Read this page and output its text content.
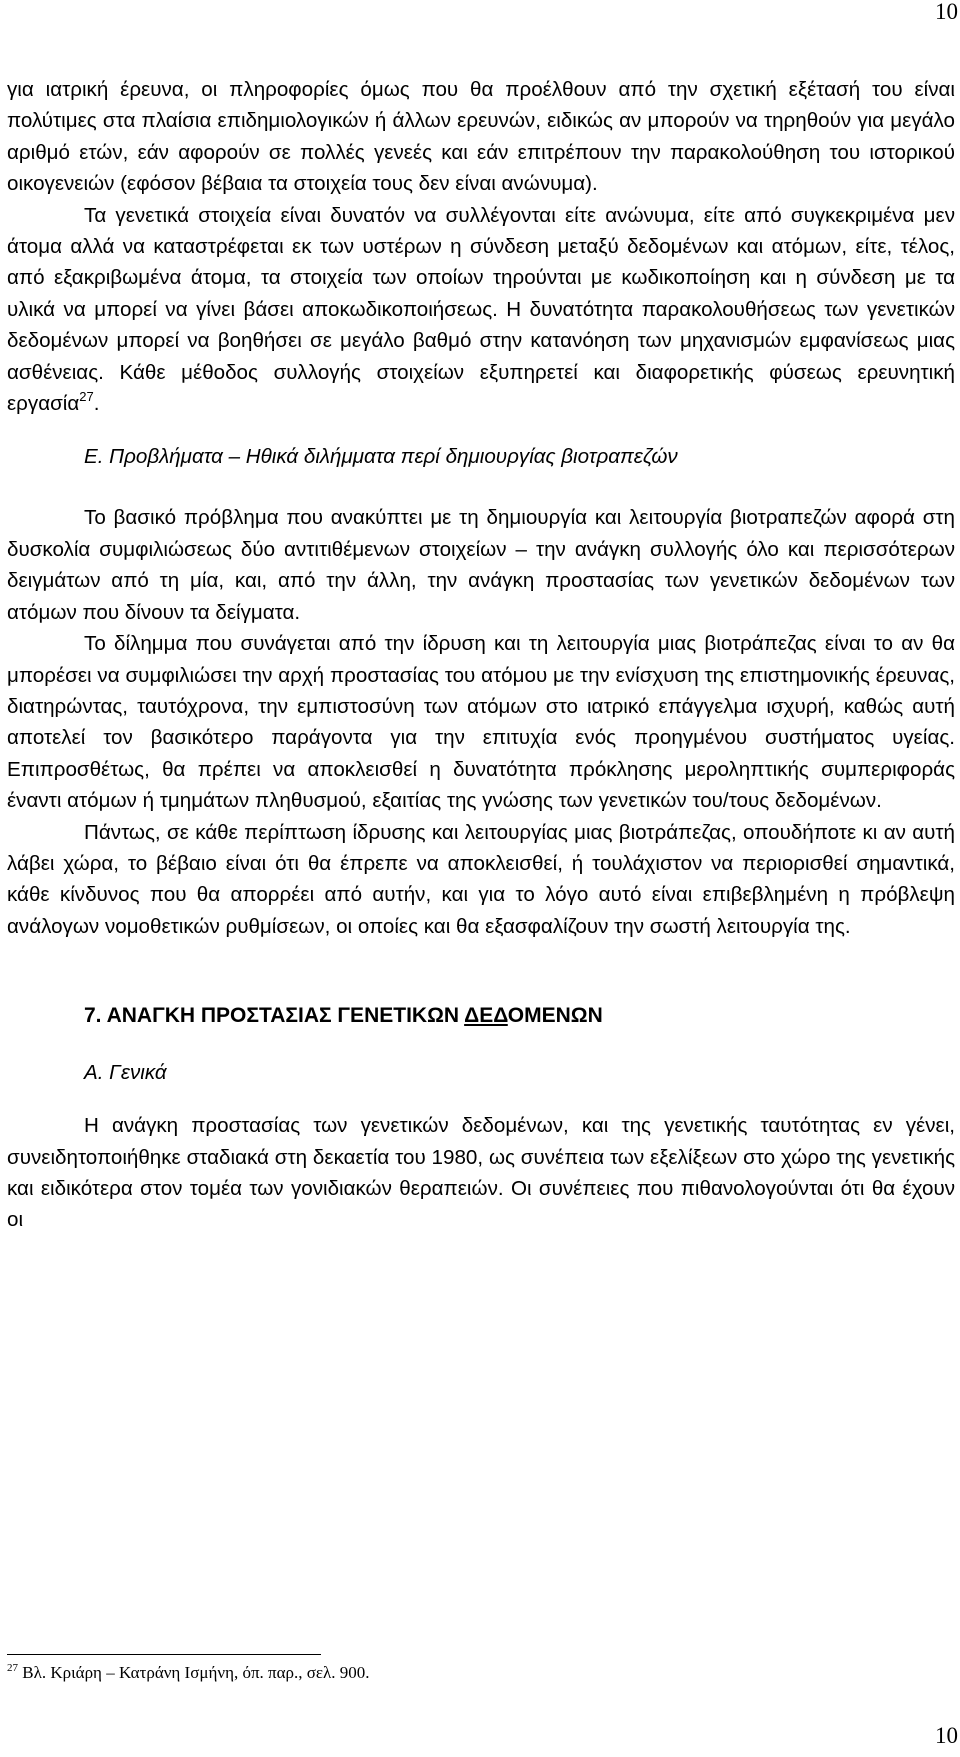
10

για ιατρική έρευνα, οι πληροφορίες όμως που θα προέλθουν από την σχετική εξέτασή του είναι πολύτιμες στα πλαίσια επιδημιολογικών ή άλλων ερευνών, ειδικώς αν μπορούν να τηρηθούν για μεγάλο αριθμό ετών, εάν αφορούν σε πολλές γενεές και εάν επιτρέπουν την παρακολούθηση του ιστορικού οικογενειών (εφόσον βέβαια τα στοιχεία τους δεν είναι ανώνυμα).

Τα γενετικά στοιχεία είναι δυνατόν να συλλέγονται είτε ανώνυμα, είτε από συγκεκριμένα μεν άτομα αλλά να καταστρέφεται εκ των υστέρων η σύνδεση μεταξύ δεδομένων και ατόμων, είτε, τέλος, από εξακριβωμένα άτομα, τα στοιχεία των οποίων τηρούνται με κωδικοποίηση και η σύνδεση με τα υλικά να μπορεί να γίνει βάσει αποκωδικοποιήσεως. Η δυνατότητα παρακολουθήσεως των γενετικών δεδομένων μπορεί να βοηθήσει σε μεγάλο βαθμό στην κατανόηση των μηχανισμών εμφανίσεως μιας ασθένειας. Κάθε μέθοδος συλλογής στοιχείων εξυπηρετεί και διαφορετικής φύσεως ερευνητική εργασία$^{27}$.

Ε. Προβλήματα – Ηθικά διλήμματα περί δημιουργίας βιοτραπεζών

Το βασικό πρόβλημα που ανακύπτει με τη δημιουργία και λειτουργία βιοτραπεζών αφορά στη δυσκολία συμφιλιώσεως δύο αντιτιθέμενων στοιχείων – την ανάγκη συλλογής όλο και περισσότερων δειγμάτων από τη μία, και, από την άλλη, την ανάγκη προστασίας των γενετικών δεδομένων των ατόμων που δίνουν τα δείγματα.

Το δίλημμα που συνάγεται από την ίδρυση και τη λειτουργία μιας βιοτράπεζας είναι το αν θα μπορέσει να συμφιλιώσει την αρχή προστασίας του ατόμου με την ενίσχυση της επιστημονικής έρευνας, διατηρώντας, ταυτόχρονα, την εμπιστοσύνη των ατόμων στο ιατρικό επάγγελμα ισχυρή, καθώς αυτή αποτελεί τον βασικότερο παράγοντα για την επιτυχία ενός προηγμένου συστήματος υγείας. Επιπροσθέτως, θα πρέπει να αποκλεισθεί η δυνατότητα πρόκλησης μεροληπτικής συμπεριφοράς έναντι ατόμων ή τμημάτων πληθυσμού, εξαιτίας της γνώσης των γενετικών του/τους δεδομένων.

Πάντως, σε κάθε περίπτωση ίδρυσης και λειτουργίας μιας βιοτράπεζας, οπουδήποτε κι αν αυτή λάβει χώρα, το βέβαιο είναι ότι θα έπρεπε να αποκλεισθεί, ή τουλάχιστον να περιορισθεί σημαντικά, κάθε κίνδυνος που θα απορρέει από αυτήν, και για το λόγο αυτό είναι επιβεβλημένη η πρόβλεψη ανάλογων νομοθετικών ρυθμίσεων, οι οποίες και θα εξασφαλίζουν την σωστή λειτουργία της.

7. ΑΝΑΓΚΗ ΠΡΟΣΤΑΣΙΑΣ ΓΕΝΕΤΙΚΩΝ ΔΕΔΟΜΕΝΩΝ

Α. Γενικά

Η ανάγκη προστασίας των γενετικών δεδομένων, και της γενετικής ταυτότητας εν γένει, συνειδητοποιήθηκε σταδιακά στη δεκαετία του 1980, ως συνέπεια των εξελίξεων στο χώρο της γενετικής και ειδικότερα στον τομέα των γονιδιακών θεραπειών. Οι συνέπειες που πιθανολογούνται ότι θα έχουν οι

$^{27}$ Βλ. Κριάρη – Κατράνη Ισμήνη, όπ. παρ., σελ. 900.
10
